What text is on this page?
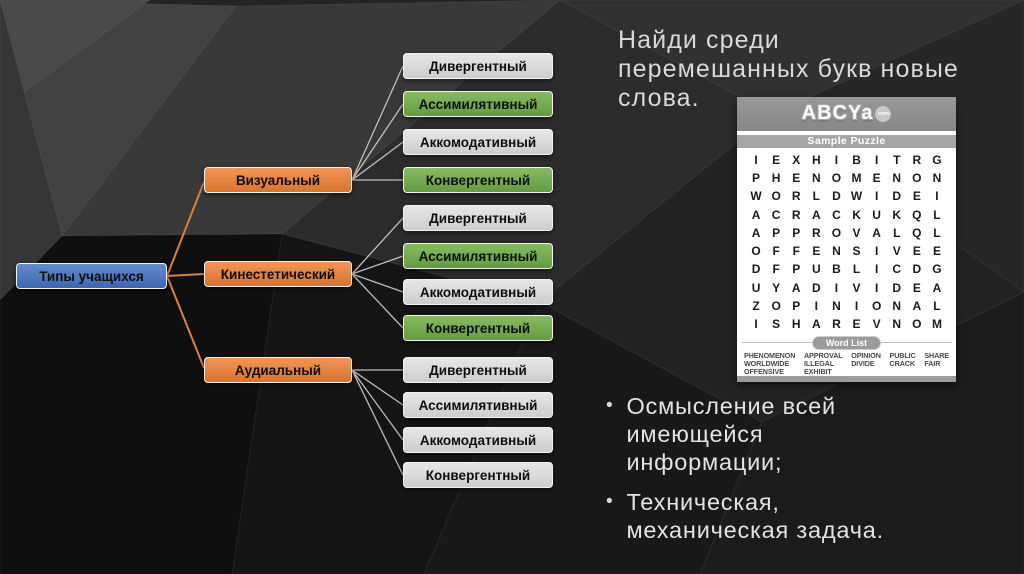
Типы учащихся
Визуальный
Кинестетический
Аудиальный
Дивергентный
Ассимилятивный
Аккомодативный
Конвергентный
Дивергентный
Ассимилятивный
Аккомодативный
Конвергентный
Дивергентный
Ассимилятивный
Аккомодативный
Конвергентный
Найди среди
перемешанных букв новые
слова.
ABCYa com
Sample Puzzle
I E X H I B I T R G
P H E N O M E N O N
W O R L D W I D E I
A C R A C K U K Q L
A P P R O V A L Q L
O F F E N S I V E E
D F P U B L I C D G
U Y A D I V I D E A
Z O P I N I O N A L
I S H A R E V N O M
Word List
PHENOMENON
WORLDWIDE
OFFENSIVE
APPROVAL
ILLEGAL
EXHIBIT
OPINION
DIVIDE
PUBLIC
CRACK
SHARE
FAIR
• Осмысление всей
имеющейся
информации;
• Техническая,
механическая задача.
